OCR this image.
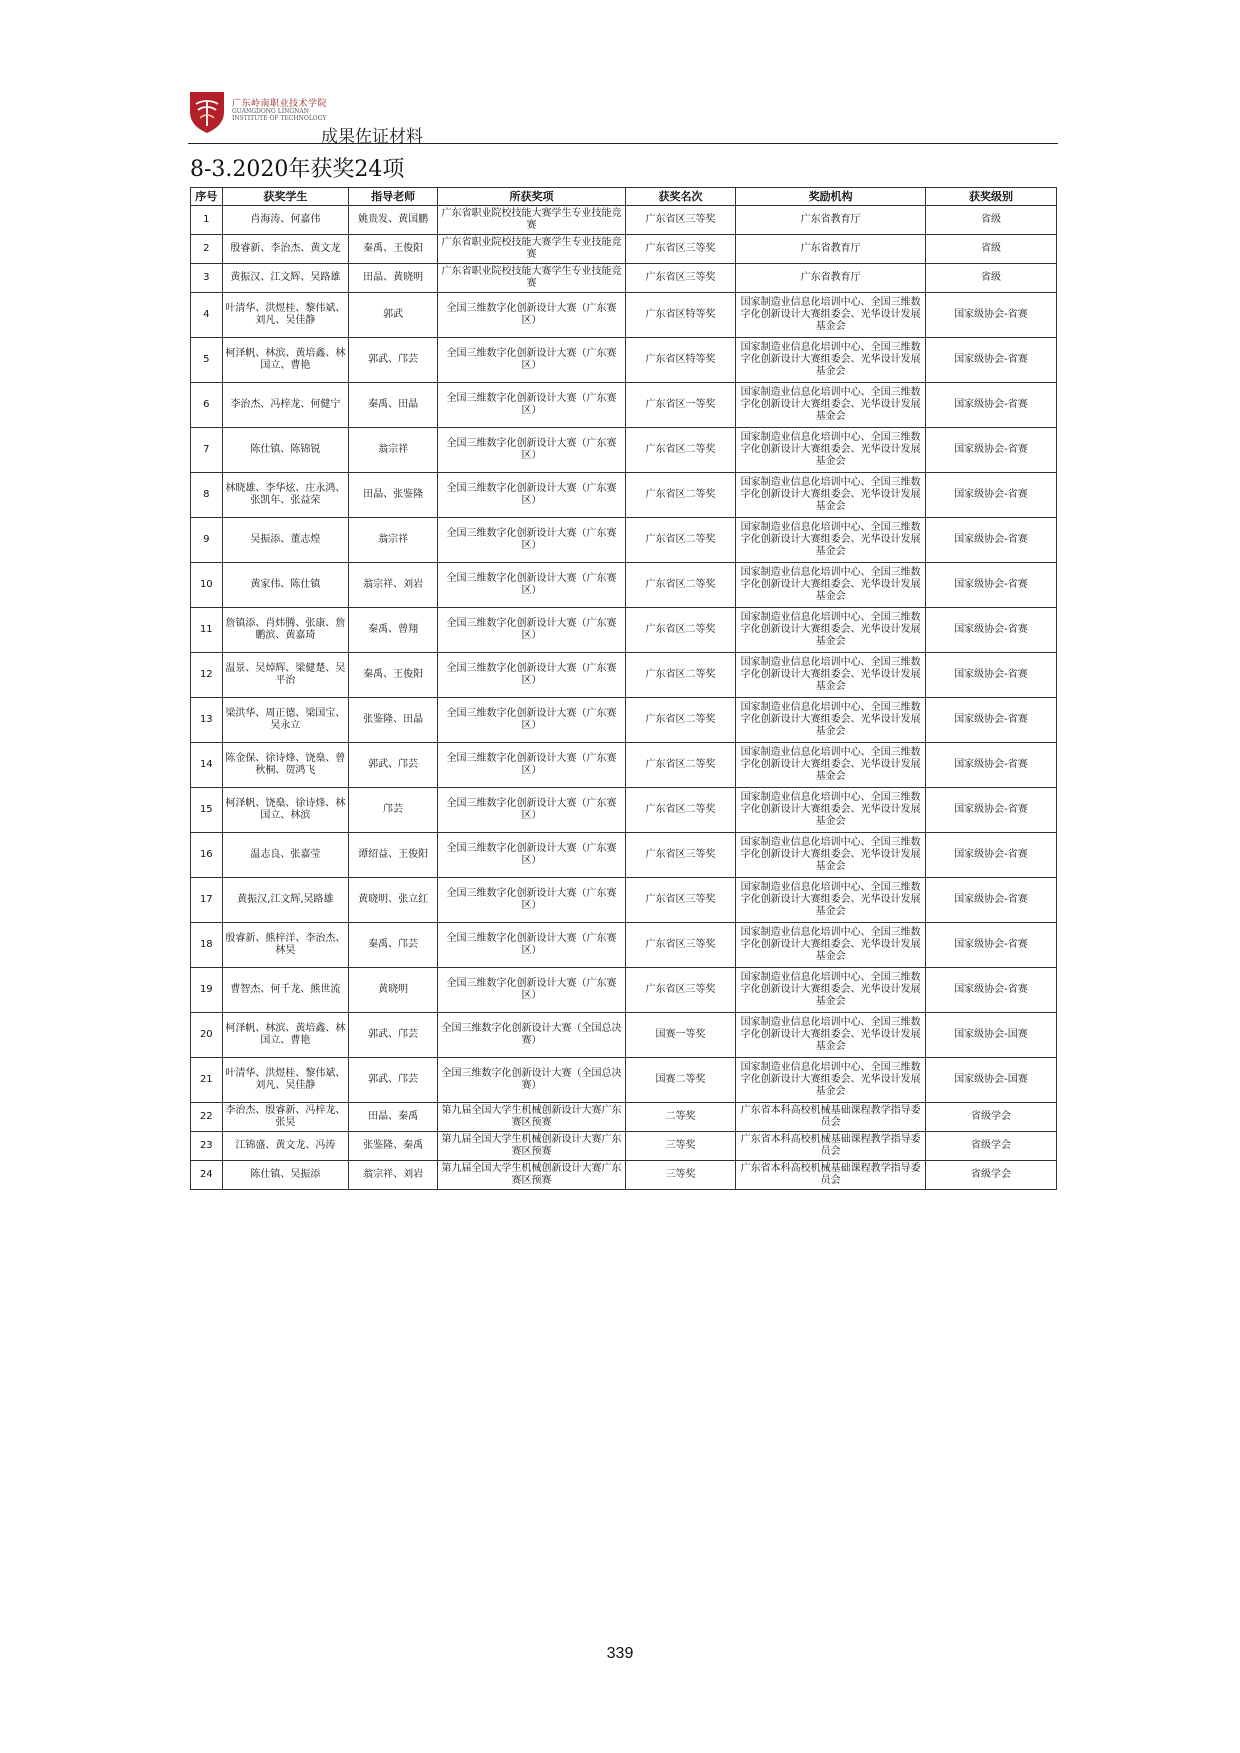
广东岭南职业技术学院
GUANGDONG LINGNAN
INSTITUTE OF TECHNOLOGY
成果佐证材料
8-3.2020年获奖24项
序号	获奖学生	指导老师	所获奖项	获奖名次	奖励机构	获奖级别
1	肖海涛、何嘉伟	姚贵发、黄国鹏	广东省职业院校技能大赛学生专业技能竞赛	广东省区三等奖	广东省教育厅	省级
2	殷睿新、李治杰、黄文龙	秦禹、王俊阳	广东省职业院校技能大赛学生专业技能竞赛	广东省区三等奖	广东省教育厅	省级
3	黄振汉、江文辉、吴路雄	田晶、黄晓明	广东省职业院校技能大赛学生专业技能竞赛	广东省区三等奖	广东省教育厅	省级
4	叶清华、洪煜桂、黎伟斌、刘凡、吴佳静	郭武	全国三维数字化创新设计大赛（广东赛区）	广东省区特等奖	国家制造业信息化培训中心、全国三维数字化创新设计大赛组委会、光华设计发展基金会	国家级协会-省赛
5	柯泽帆、林滨、黄培鑫、林国立、曹艳	郭武、邝芸	全国三维数字化创新设计大赛（广东赛区）	广东省区特等奖	国家制造业信息化培训中心、全国三维数字化创新设计大赛组委会、光华设计发展基金会	国家级协会-省赛
6	李治杰、冯梓龙、何健宁	秦禹、田晶	全国三维数字化创新设计大赛（广东赛区）	广东省区一等奖	国家制造业信息化培训中心、全国三维数字化创新设计大赛组委会、光华设计发展基金会	国家级协会-省赛
7	陈仕镇、陈锦锐	翁宗祥	全国三维数字化创新设计大赛（广东赛区）	广东省区二等奖	国家制造业信息化培训中心、全国三维数字化创新设计大赛组委会、光华设计发展基金会	国家级协会-省赛
8	林晓雄、李华炫、庄永鸿、张凯年、张益荣	田晶、张鉴隆	全国三维数字化创新设计大赛（广东赛区）	广东省区二等奖	国家制造业信息化培训中心、全国三维数字化创新设计大赛组委会、光华设计发展基金会	国家级协会-省赛
9	吴振添、董志煌	翁宗祥	全国三维数字化创新设计大赛（广东赛区）	广东省区二等奖	国家制造业信息化培训中心、全国三维数字化创新设计大赛组委会、光华设计发展基金会	国家级协会-省赛
10	黄家伟、陈仕镇	翁宗祥、刘岩	全国三维数字化创新设计大赛（广东赛区）	广东省区二等奖	国家制造业信息化培训中心、全国三维数字化创新设计大赛组委会、光华设计发展基金会	国家级协会-省赛
11	詹镇添、肖炜腾、张康、詹鹏滨、黄嘉琦	秦禹、曾翔	全国三维数字化创新设计大赛（广东赛区）	广东省区二等奖	国家制造业信息化培训中心、全国三维数字化创新设计大赛组委会、光华设计发展基金会	国家级协会-省赛
12	温景、吴焯辉、梁健楚、吴平治	秦禹、王俊阳	全国三维数字化创新设计大赛（广东赛区）	广东省区二等奖	国家制造业信息化培训中心、全国三维数字化创新设计大赛组委会、光华设计发展基金会	国家级协会-省赛
13	梁洪华、周正德、梁国宝、吴永立	张鉴隆、田晶	全国三维数字化创新设计大赛（广东赛区）	广东省区二等奖	国家制造业信息化培训中心、全国三维数字化创新设计大赛组委会、光华设计发展基金会	国家级协会-省赛
14	陈金保、徐诗烽、饶燊、曾秋桐、贺鸿飞	郭武、邝芸	全国三维数字化创新设计大赛（广东赛区）	广东省区二等奖	国家制造业信息化培训中心、全国三维数字化创新设计大赛组委会、光华设计发展基金会	国家级协会-省赛
15	柯泽帆、饶燊、徐诗烽、林国立、林滨	邝芸	全国三维数字化创新设计大赛（广东赛区）	广东省区二等奖	国家制造业信息化培训中心、全国三维数字化创新设计大赛组委会、光华设计发展基金会	国家级协会-省赛
16	温志良、张嘉莹	谭绍益、王俊阳	全国三维数字化创新设计大赛（广东赛区）	广东省区三等奖	国家制造业信息化培训中心、全国三维数字化创新设计大赛组委会、光华设计发展基金会	国家级协会-省赛
17	黄振汉,江文辉,吴路雄	黄晓明、张立红	全国三维数字化创新设计大赛（广东赛区）	广东省区三等奖	国家制造业信息化培训中心、全国三维数字化创新设计大赛组委会、光华设计发展基金会	国家级协会-省赛
18	殷睿新、熊梓洋、李治杰、林昊	秦禹、邝芸	全国三维数字化创新设计大赛（广东赛区）	广东省区三等奖	国家制造业信息化培训中心、全国三维数字化创新设计大赛组委会、光华设计发展基金会	国家级协会-省赛
19	曹智杰、何千龙、熊世流	黄晓明	全国三维数字化创新设计大赛（广东赛区）	广东省区三等奖	国家制造业信息化培训中心、全国三维数字化创新设计大赛组委会、光华设计发展基金会	国家级协会-省赛
20	柯泽帆、林滨、黄培鑫、林国立、曹艳	郭武、邝芸	全国三维数字化创新设计大赛（全国总决赛）	国赛一等奖	国家制造业信息化培训中心、全国三维数字化创新设计大赛组委会、光华设计发展基金会	国家级协会-国赛
21	叶清华、洪煜桂、黎伟斌、刘凡、吴佳静	郭武、邝芸	全国三维数字化创新设计大赛（全国总决赛）	国赛二等奖	国家制造业信息化培训中心、全国三维数字化创新设计大赛组委会、光华设计发展基金会	国家级协会-国赛
22	李治杰、殷睿新、冯梓龙、张昊	田晶、秦禹	第九届全国大学生机械创新设计大赛广东赛区预赛	二等奖	广东省本科高校机械基础课程教学指导委员会	省级学会
23	江锦盛、黄文龙、冯涛	张鉴隆、秦禹	第九届全国大学生机械创新设计大赛广东赛区预赛	三等奖	广东省本科高校机械基础课程教学指导委员会	省级学会
24	陈仕镇、吴振添	翁宗祥、刘岩	第九届全国大学生机械创新设计大赛广东赛区预赛	三等奖	广东省本科高校机械基础课程教学指导委员会	省级学会
339
